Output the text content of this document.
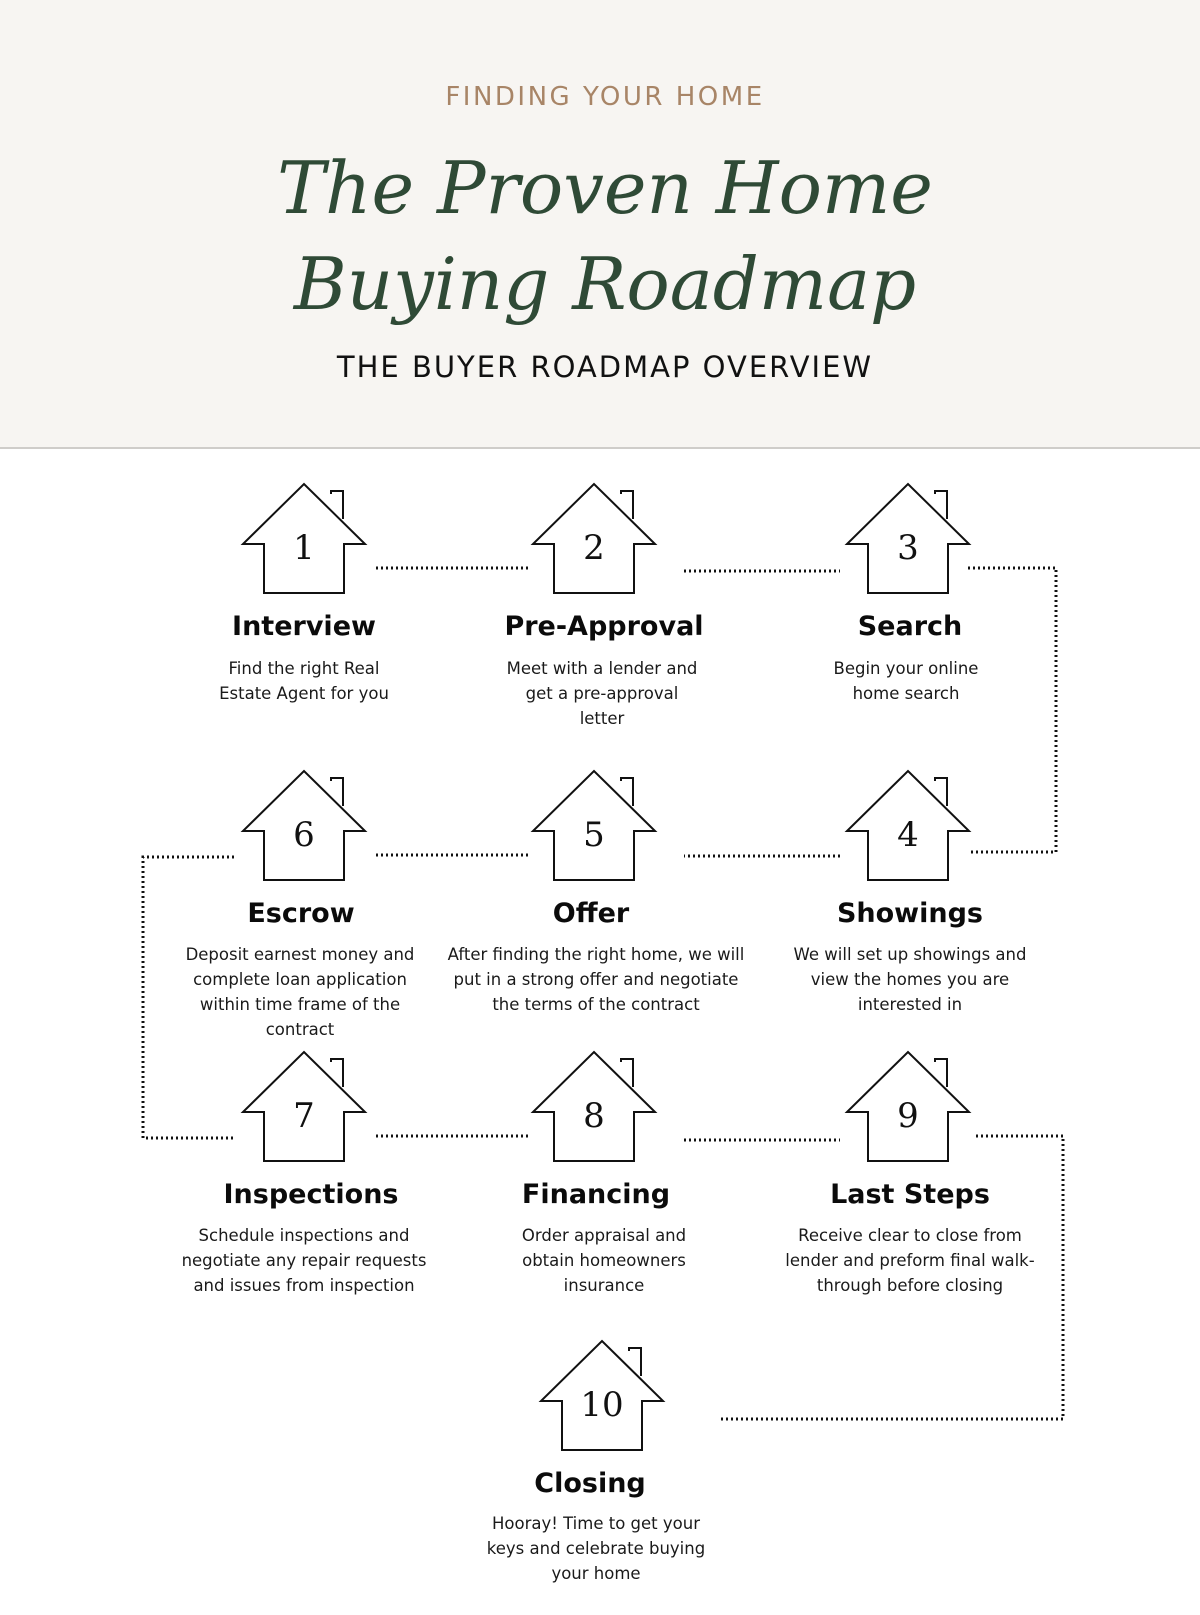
FINDING YOUR HOME
The Proven Home Buying Roadmap
THE BUYER ROADMAP OVERVIEW
1
Interview
Find the right Real Estate Agent for you
2
Pre-Approval
Meet with a lender and get a pre-approval letter
3
Search
Begin your online home search
6
Escrow
Deposit earnest money and complete loan application within time frame of the contract
5
Offer
After finding the right home, we will put in a strong offer and negotiate the terms of the contract
4
Showings
We will set up showings and view the homes you are interested in
7
Inspections
Schedule inspections and negotiate any repair requests and issues from inspection
8
Financing
Order appraisal and obtain homeowners insurance
9
Last Steps
Receive clear to close from lender and preform final walk-through before closing
10
Closing
Hooray! Time to get your keys and celebrate buying your home
